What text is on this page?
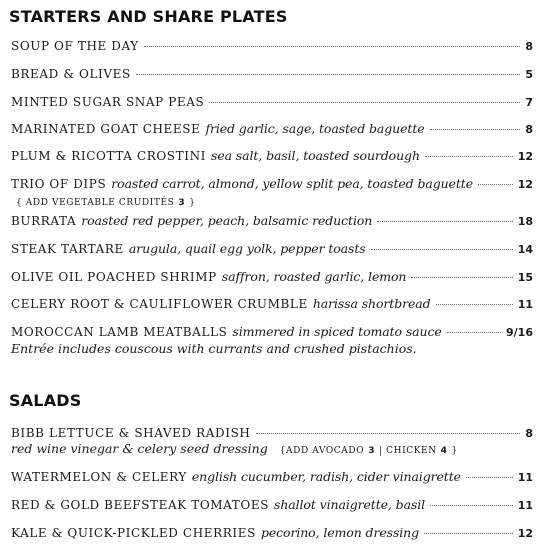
STARTERS AND SHARE PLATES
SOUP OF THE DAY	8
BREAD & OLIVES	5
MINTED SUGAR SNAP PEAS	7
MARINATED GOAT CHEESE fried garlic, sage, toasted baguette	8
PLUM & RICOTTA CROSTINI sea salt, basil, toasted sourdough	12
TRIO OF DIPS roasted carrot, almond, yellow split pea, toasted baguette	12
{ ADD VEGETABLE CRUDITÉS 3 }
BURRATA roasted red pepper, peach, balsamic reduction	18
STEAK TARTARE arugula, quail egg yolk, pepper toasts	14
OLIVE OIL POACHED SHRIMP saffron, roasted garlic, lemon	15
CELERY ROOT & CAULIFLOWER CRUMBLE harissa shortbread	11
MOROCCAN LAMB MEATBALLS simmered in spiced tomato sauce	9/16
Entrée includes couscous with currants and crushed pistachios.
SALADS
BIBB LETTUCE & SHAVED RADISH	8
red wine vinegar & celery seed dressing {ADD AVOCADO 3 | CHICKEN 4 }
WATERMELON & CELERY english cucumber, radish, cider vinaigrette	11
RED & GOLD BEEFSTEAK TOMATOES shallot vinaigrette, basil	11
KALE & QUICK-PICKLED CHERRIES pecorino, lemon dressing	12
